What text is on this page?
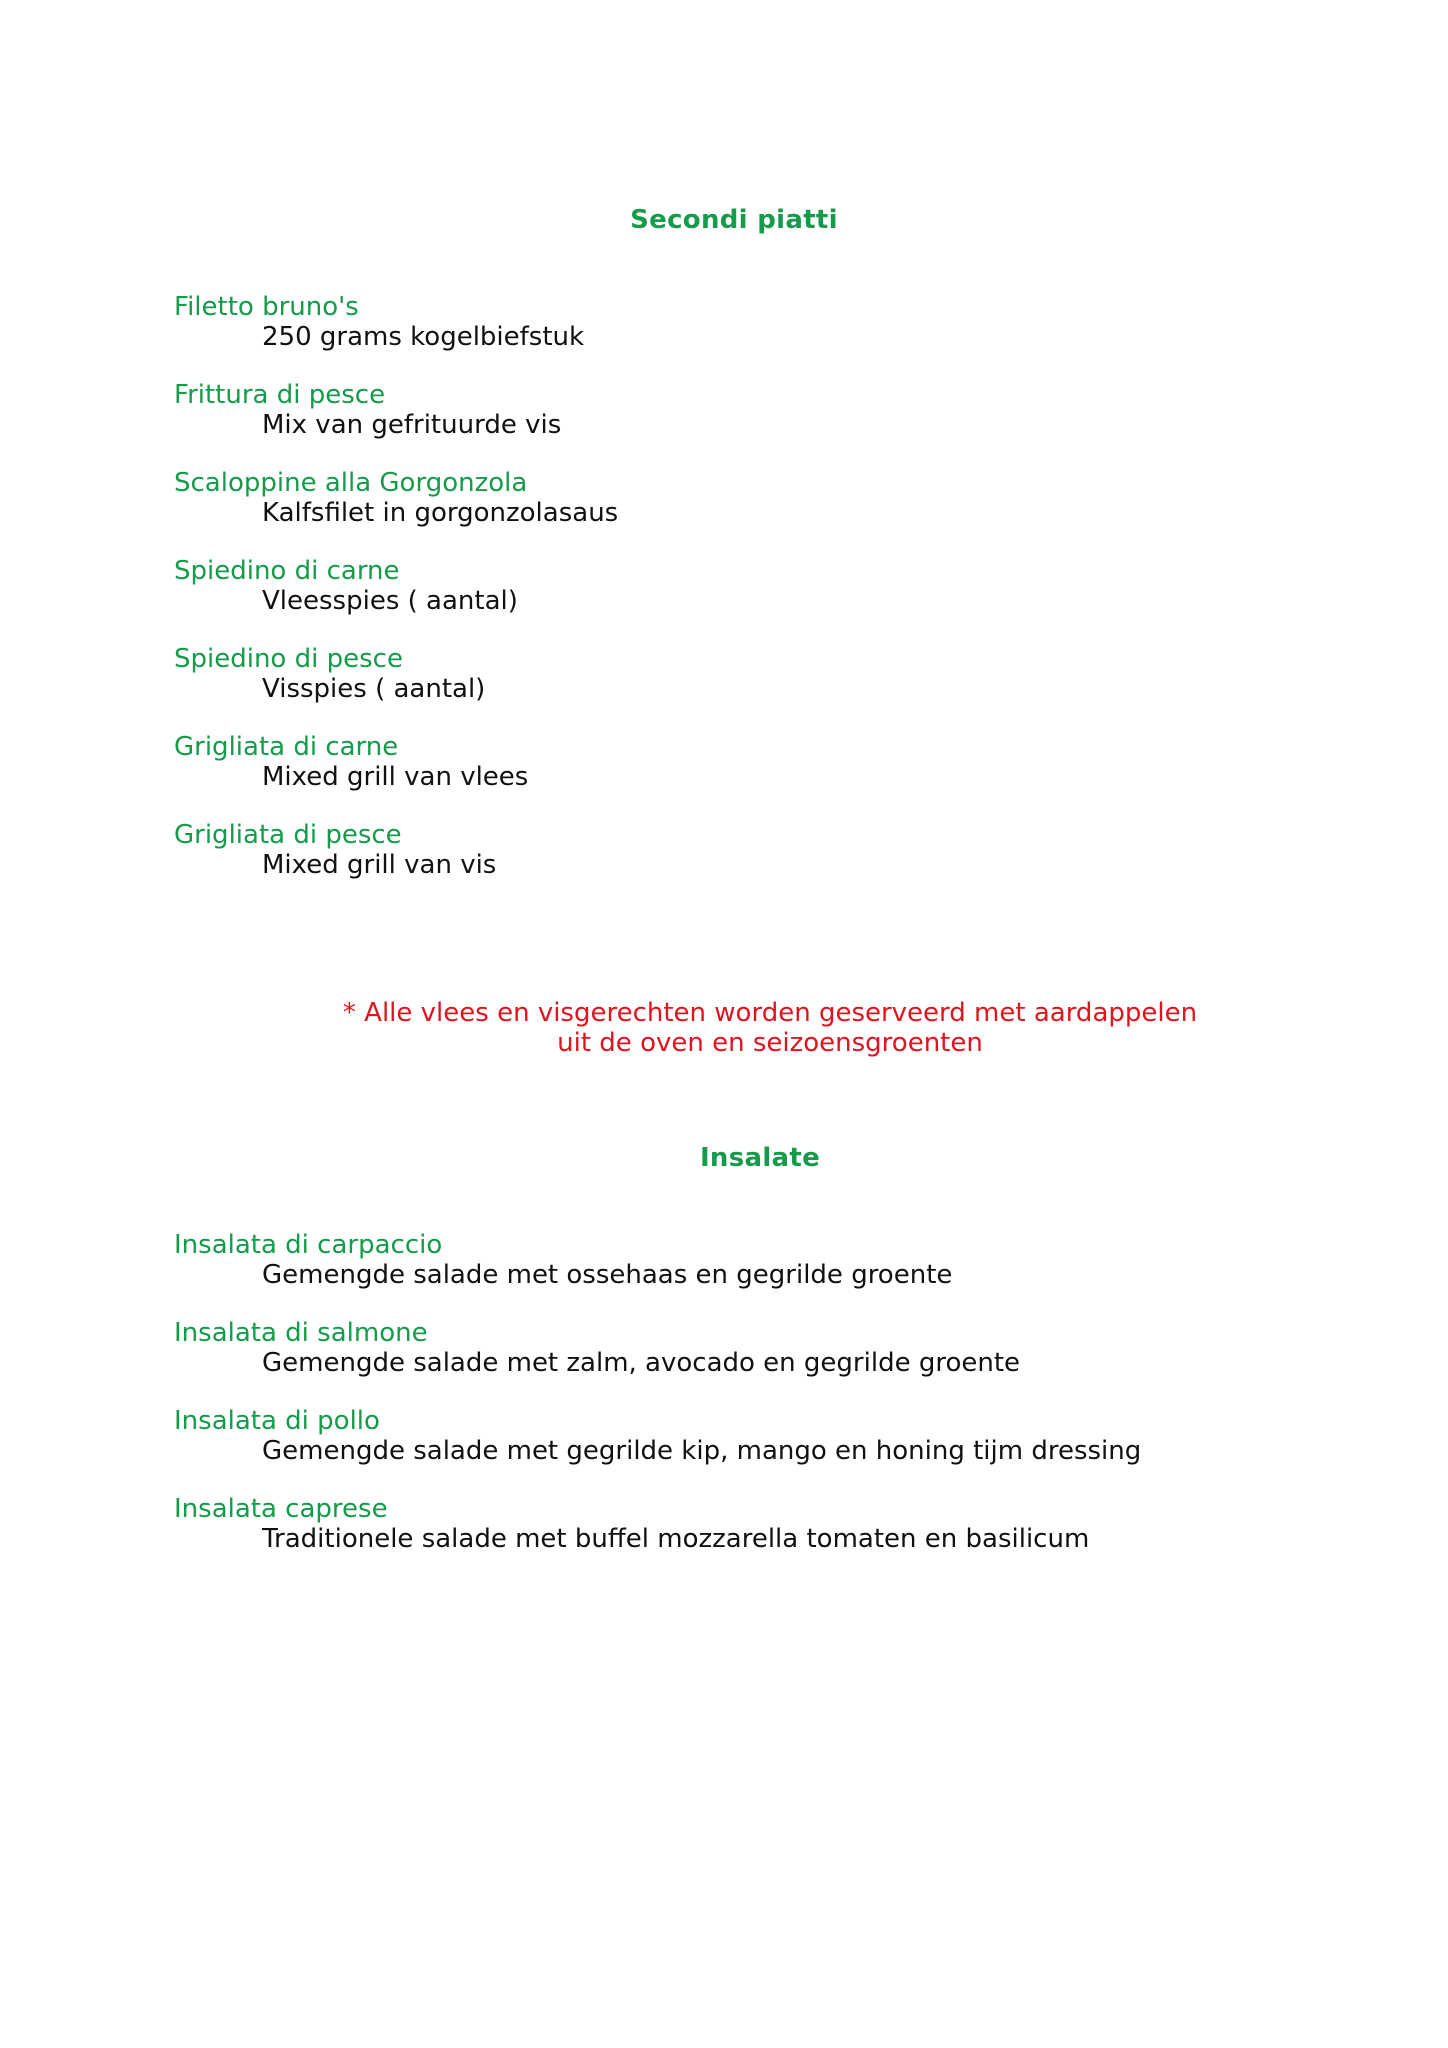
Secondi piatti
Filetto bruno's
250 grams kogelbiefstuk
Frittura di pesce
Mix van gefrituurde vis
Scaloppine alla Gorgonzola
Kalfsfilet in gorgonzolasaus
Spiedino di carne
Vleesspies ( aantal)
Spiedino di pesce
Visspies ( aantal)
Grigliata di carne
Mixed grill van vlees
Grigliata di pesce
Mixed grill van vis
* Alle vlees en visgerechten worden geserveerd met aardappelen
uit de oven en seizoensgroenten
Insalate
Insalata di carpaccio
Gemengde salade met ossehaas en gegrilde groente
Insalata di salmone
Gemengde salade met zalm, avocado en gegrilde groente
Insalata di pollo
Gemengde salade met gegrilde kip, mango en honing tijm dressing
Insalata caprese
Traditionele salade met buffel mozzarella tomaten en basilicum
